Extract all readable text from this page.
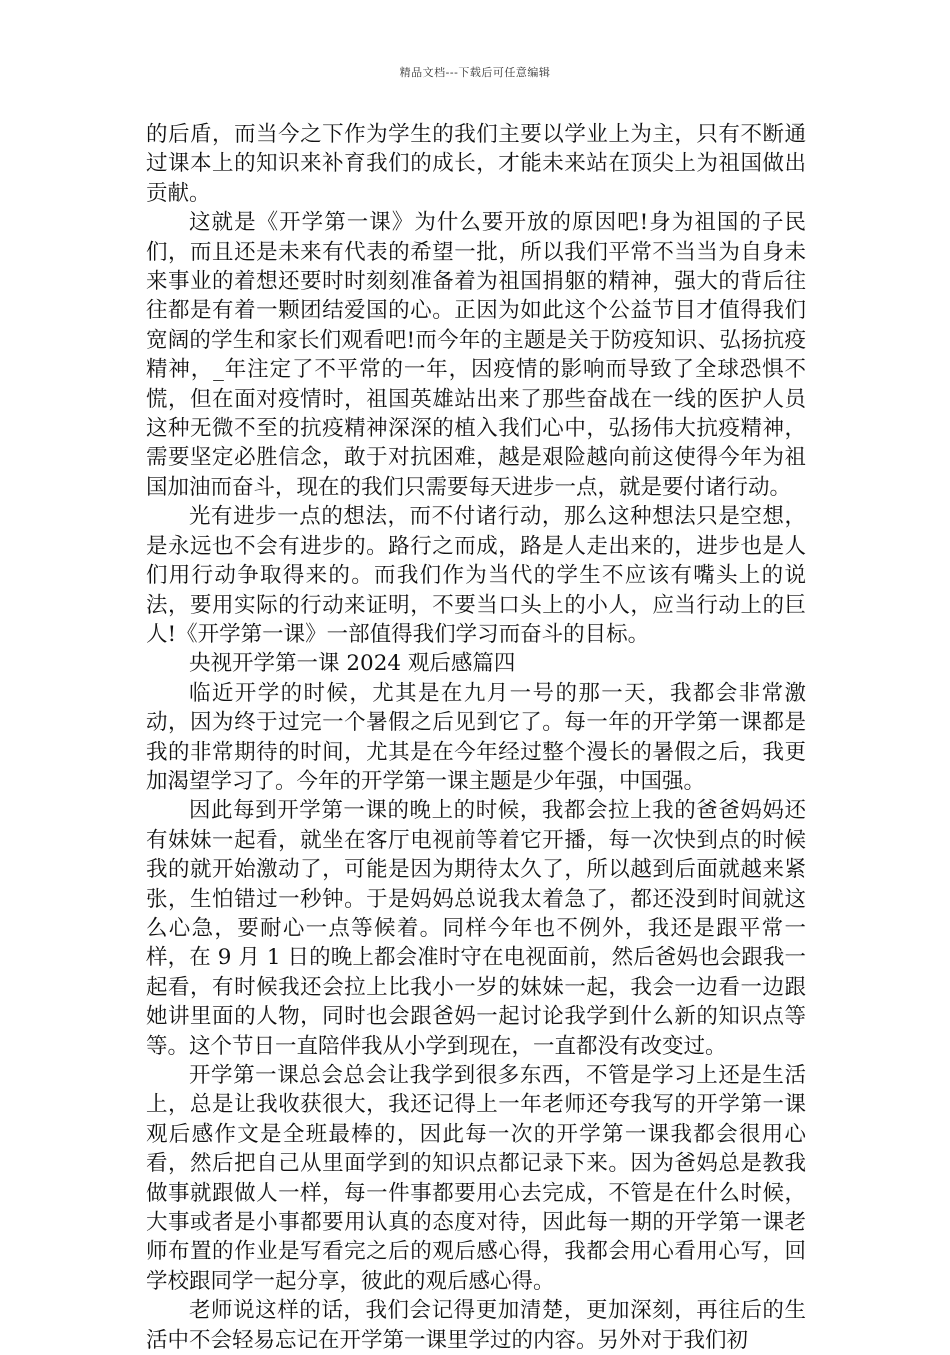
精品文档---下载后可任意编辑

的后盾，而当今之下作为学生的我们主要以学业上为主，只有不断通过课本上的知识来补育我们的成长，才能未来站在顶尖上为祖国做出贡献。

这就是《开学第一课》为什么要开放的原因吧!身为祖国的子民们，而且还是未来有代表的希望一批，所以我们平常不当当为自身未来事业的着想还要时时刻刻准备着为祖国捐躯的精神，强大的背后往往都是有着一颗团结爱国的心。正因为如此这个公益节目才值得我们宽阔的学生和家长们观看吧!而今年的主题是关于防疫知识、弘扬抗疫精神，_年注定了不平常的一年，因疫情的影响而导致了全球恐惧不慌，但在面对疫情时，祖国英雄站出来了那些奋战在一线的医护人员这种无微不至的抗疫精神深深的植入我们心中，弘扬伟大抗疫精神，需要坚定必胜信念，敢于对抗困难，越是艰险越向前这使得今年为祖国加油而奋斗，现在的我们只需要每天进步一点，就是要付诸行动。

光有进步一点的想法，而不付诸行动，那么这种想法只是空想，是永远也不会有进步的。路行之而成，路是人走出来的，进步也是人们用行动争取得来的。而我们作为当代的学生不应该有嘴头上的说法，要用实际的行动来证明，不要当口头上的小人，应当行动上的巨人!《开学第一课》一部值得我们学习而奋斗的目标。

央视开学第一课 2024 观后感篇四

临近开学的时候，尤其是在九月一号的那一天，我都会非常激动，因为终于过完一个暑假之后见到它了。每一年的开学第一课都是我的非常期待的时间，尤其是在今年经过整个漫长的暑假之后，我更加渴望学习了。今年的开学第一课主题是少年强，中国强。

因此每到开学第一课的晚上的时候，我都会拉上我的爸爸妈妈还有妹妹一起看，就坐在客厅电视前等着它开播，每一次快到点的时候我的就开始激动了，可能是因为期待太久了，所以越到后面就越来紧张，生怕错过一秒钟。于是妈妈总说我太着急了，都还没到时间就这么心急，要耐心一点等候着。同样今年也不例外，我还是跟平常一样，在 9 月 1 日的晚上都会准时守在电视面前，然后爸妈也会跟我一起看，有时候我还会拉上比我小一岁的妹妹一起，我会一边看一边跟她讲里面的人物，同时也会跟爸妈一起讨论我学到什么新的知识点等等。这个节日一直陪伴我从小学到现在，一直都没有改变过。

开学第一课总会总会让我学到很多东西，不管是学习上还是生活上，总是让我收获很大，我还记得上一年老师还夸我写的开学第一课观后感作文是全班最棒的，因此每一次的开学第一课我都会很用心看，然后把自己从里面学到的知识点都记录下来。因为爸妈总是教我做事就跟做人一样，每一件事都要用心去完成，不管是在什么时候，大事或者是小事都要用认真的态度对待，因此每一期的开学第一课老师布置的作业是写看完之后的观后感心得，我都会用心看用心写，回学校跟同学一起分享，彼此的观后感心得。

老师说这样的话，我们会记得更加清楚，更加深刻，再往后的生活中不会轻易忘记在开学第一课里学过的内容。另外对于我们初
